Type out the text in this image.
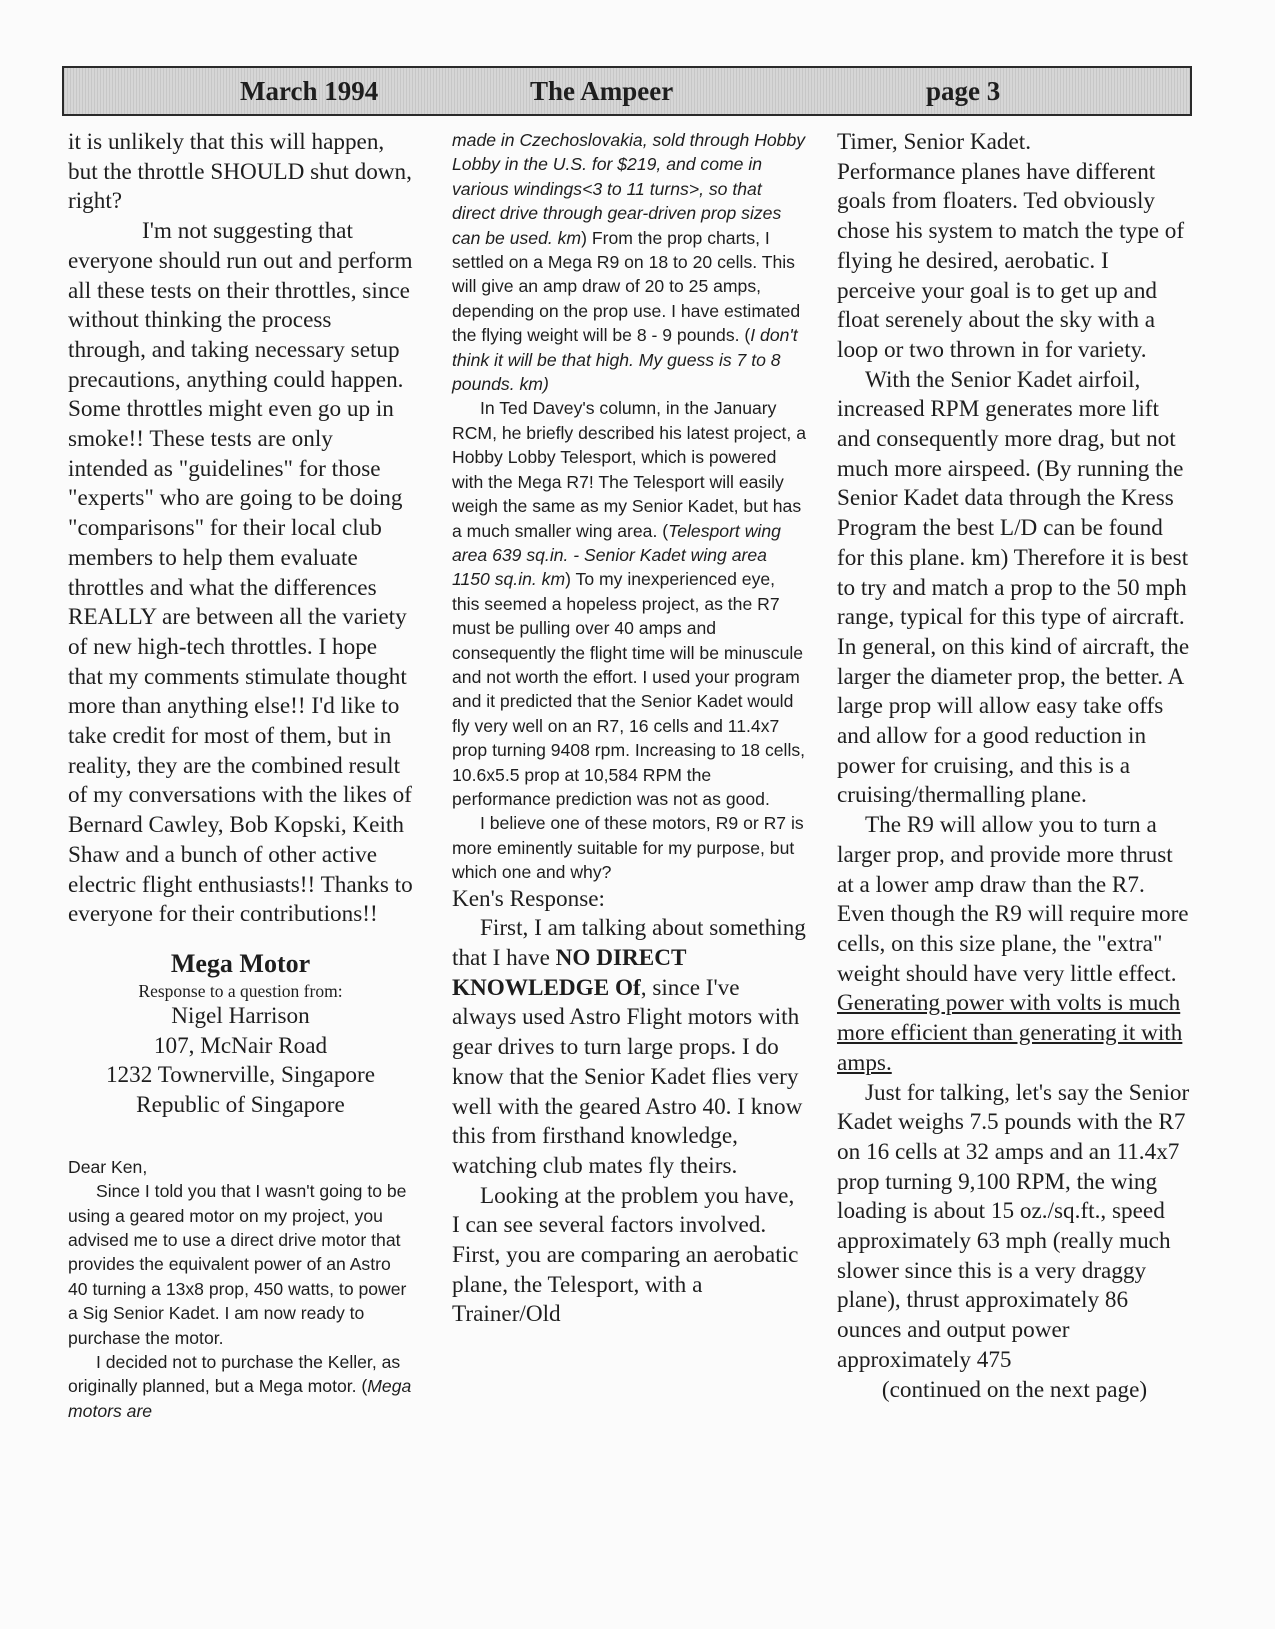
March 1994	The Ampeer	page 3

it is unlikely that this will happen, but the throttle SHOULD shut down, right?

I'm not suggesting that everyone should run out and perform all these tests on their throttles, since without thinking the process through, and taking necessary setup precautions, anything could happen. Some throttles might even go up in smoke!! These tests are only intended as "guidelines" for those "experts" who are going to be doing "comparisons" for their local club members to help them evaluate throttles and what the differences REALLY are between all the variety of new high-tech throttles. I hope that my comments stimulate thought more than anything else!! I'd like to take credit for most of them, but in reality, they are the combined result of my conversations with the likes of Bernard Cawley, Bob Kopski, Keith Shaw and a bunch of other active electric flight enthusiasts!! Thanks to everyone for their contributions!!

Mega Motor
Response to a question from:
Nigel Harrison
107, McNair Road
1232 Townerville, Singapore
Republic of Singapore

Dear Ken,

Since I told you that I wasn't going to be using a geared motor on my project, you advised me to use a direct drive motor that provides the equivalent power of an Astro 40 turning a 13x8 prop, 450 watts, to power a Sig Senior Kadet. I am now ready to purchase the motor.

I decided not to purchase the Keller, as originally planned, but a Mega motor. (Mega motors are

made in Czechoslovakia, sold through Hobby Lobby in the U.S. for $219, and come in various windings<3 to 11 turns>, so that direct drive through gear-driven prop sizes can be used. km) From the prop charts, I settled on a Mega R9 on 18 to 20 cells. This will give an amp draw of 20 to 25 amps, depending on the prop use. I have estimated the flying weight will be 8 - 9 pounds. (I don't think it will be that high. My guess is 7 to 8 pounds. km)

In Ted Davey's column, in the January RCM, he briefly described his latest project, a Hobby Lobby Telesport, which is powered with the Mega R7! The Telesport will easily weigh the same as my Senior Kadet, but has a much smaller wing area. (Telesport wing area 639 sq.in. - Senior Kadet wing area 1150 sq.in. km) To my inexperienced eye, this seemed a hopeless project, as the R7 must be pulling over 40 amps and consequently the flight time will be minuscule and not worth the effort. I used your program and it predicted that the Senior Kadet would fly very well on an R7, 16 cells and 11.4x7 prop turning 9408 rpm. Increasing to 18 cells, 10.6x5.5 prop at 10,584 RPM the performance prediction was not as good.

I believe one of these motors, R9 or R7 is more eminently suitable for my purpose, but which one and why?

Ken's Response:

First, I am talking about something that I have NO DIRECT KNOWLEDGE Of, since I've always used Astro Flight motors with gear drives to turn large props. I do know that the Senior Kadet flies very well with the geared Astro 40. I know this from firsthand knowledge, watching club mates fly theirs.

Looking at the problem you have, I can see several factors involved. First, you are comparing an aerobatic plane, the Telesport, with a Trainer/Old

Timer, Senior Kadet.

Performance planes have different goals from floaters. Ted obviously chose his system to match the type of flying he desired, aerobatic. I perceive your goal is to get up and float serenely about the sky with a loop or two thrown in for variety.

With the Senior Kadet airfoil, increased RPM generates more lift and consequently more drag, but not much more airspeed. (By running the Senior Kadet data through the Kress Program the best L/D can be found for this plane. km) Therefore it is best to try and match a prop to the 50 mph range, typical for this type of aircraft. In general, on this kind of aircraft, the larger the diameter prop, the better. A large prop will allow easy take offs and allow for a good reduction in power for cruising, and this is a cruising/thermalling plane.

The R9 will allow you to turn a larger prop, and provide more thrust at a lower amp draw than the R7. Even though the R9 will require more cells, on this size plane, the "extra" weight should have very little effect. Generating power with volts is much more efficient than generating it with amps.

Just for talking, let's say the Senior Kadet weighs 7.5 pounds with the R7 on 16 cells at 32 amps and an 11.4x7 prop turning 9,100 RPM, the wing loading is about 15 oz./sq.ft., speed approximately 63 mph (really much slower since this is a very draggy plane), thrust approximately 86 ounces and output power approximately 475

(continued on the next page)
